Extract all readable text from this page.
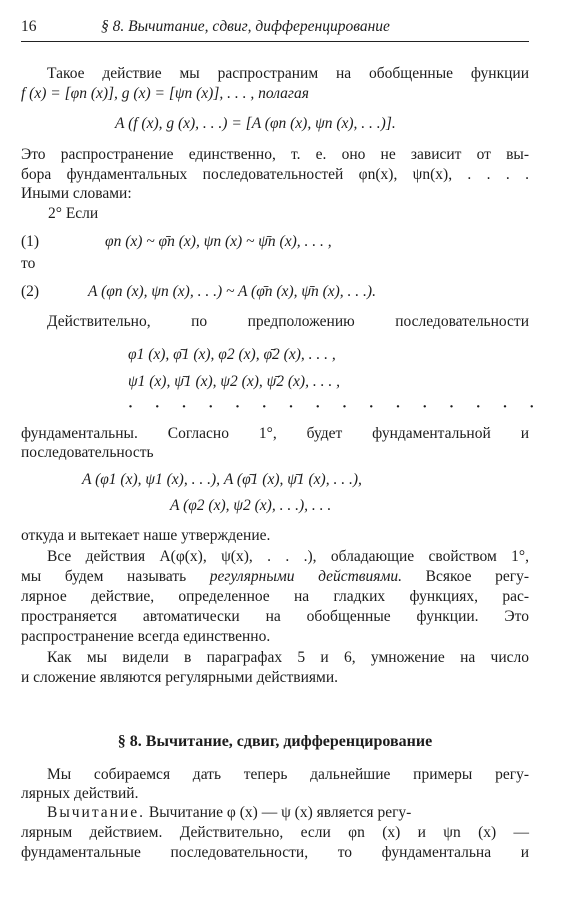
16	§ 8. Вычитание, сдвиг, дифференцирование
Такое действие мы распространим на обобщенные функции
f (x) = [φn (x)], g (x) = [ψn (x)], . . . , полагая
A (f (x), g (x), . . .) = [A (φn (x), ψn (x), . . .)].
Это распространение единственно, т. е. оно не зависит от вы-
бора фундаментальных последовательностей φn(x), ψn(x), . . . .
Иными словами:
2° Если
(1)	φn (x) ~ φ̄n (x), ψn (x) ~ ψ̄n (x), . . . ,
то
(2)	A (φn (x), ψn (x), . . .) ~ A (φ̄n (x), ψ̄n (x), . . .).
Действительно, по предположению последовательности
φ1 (x), φ̄1 (x), φ2 (x), φ̄2 (x), . . . ,
ψ1 (x), ψ̄1 (x), ψ2 (x), ψ̄2 (x), . . . ,
· · · · · · · · · · · · · · · ·
фундаментальны. Согласно 1°, будет фундаментальной и
последовательность
A (φ1 (x), ψ1 (x), . . .), A (φ̄1 (x), ψ̄1 (x), . . .),
A (φ2 (x), ψ2 (x), . . .), . . .
откуда и вытекает наше утверждение.
Все действия A(φ(x), ψ(x), . . .), обладающие свойством 1°,
мы будем называть регулярными действиями. Всякое регу-
лярное действие, определенное на гладких функциях, рас-
пространяется автоматически на обобщенные функции. Это
распространение всегда единственно.
Как мы видели в параграфах 5 и 6, умножение на число
и сложение являются регулярными действиями.
§ 8. Вычитание, сдвиг, дифференцирование
Мы собираемся дать теперь дальнейшие примеры регу-
лярных действий.
Вычитание. Вычитание φ (x) — ψ (x) является регу-
лярным действием. Действительно, если φn (x) и ψn (x) —
фундаментальные последовательности, то фундаментальна и
